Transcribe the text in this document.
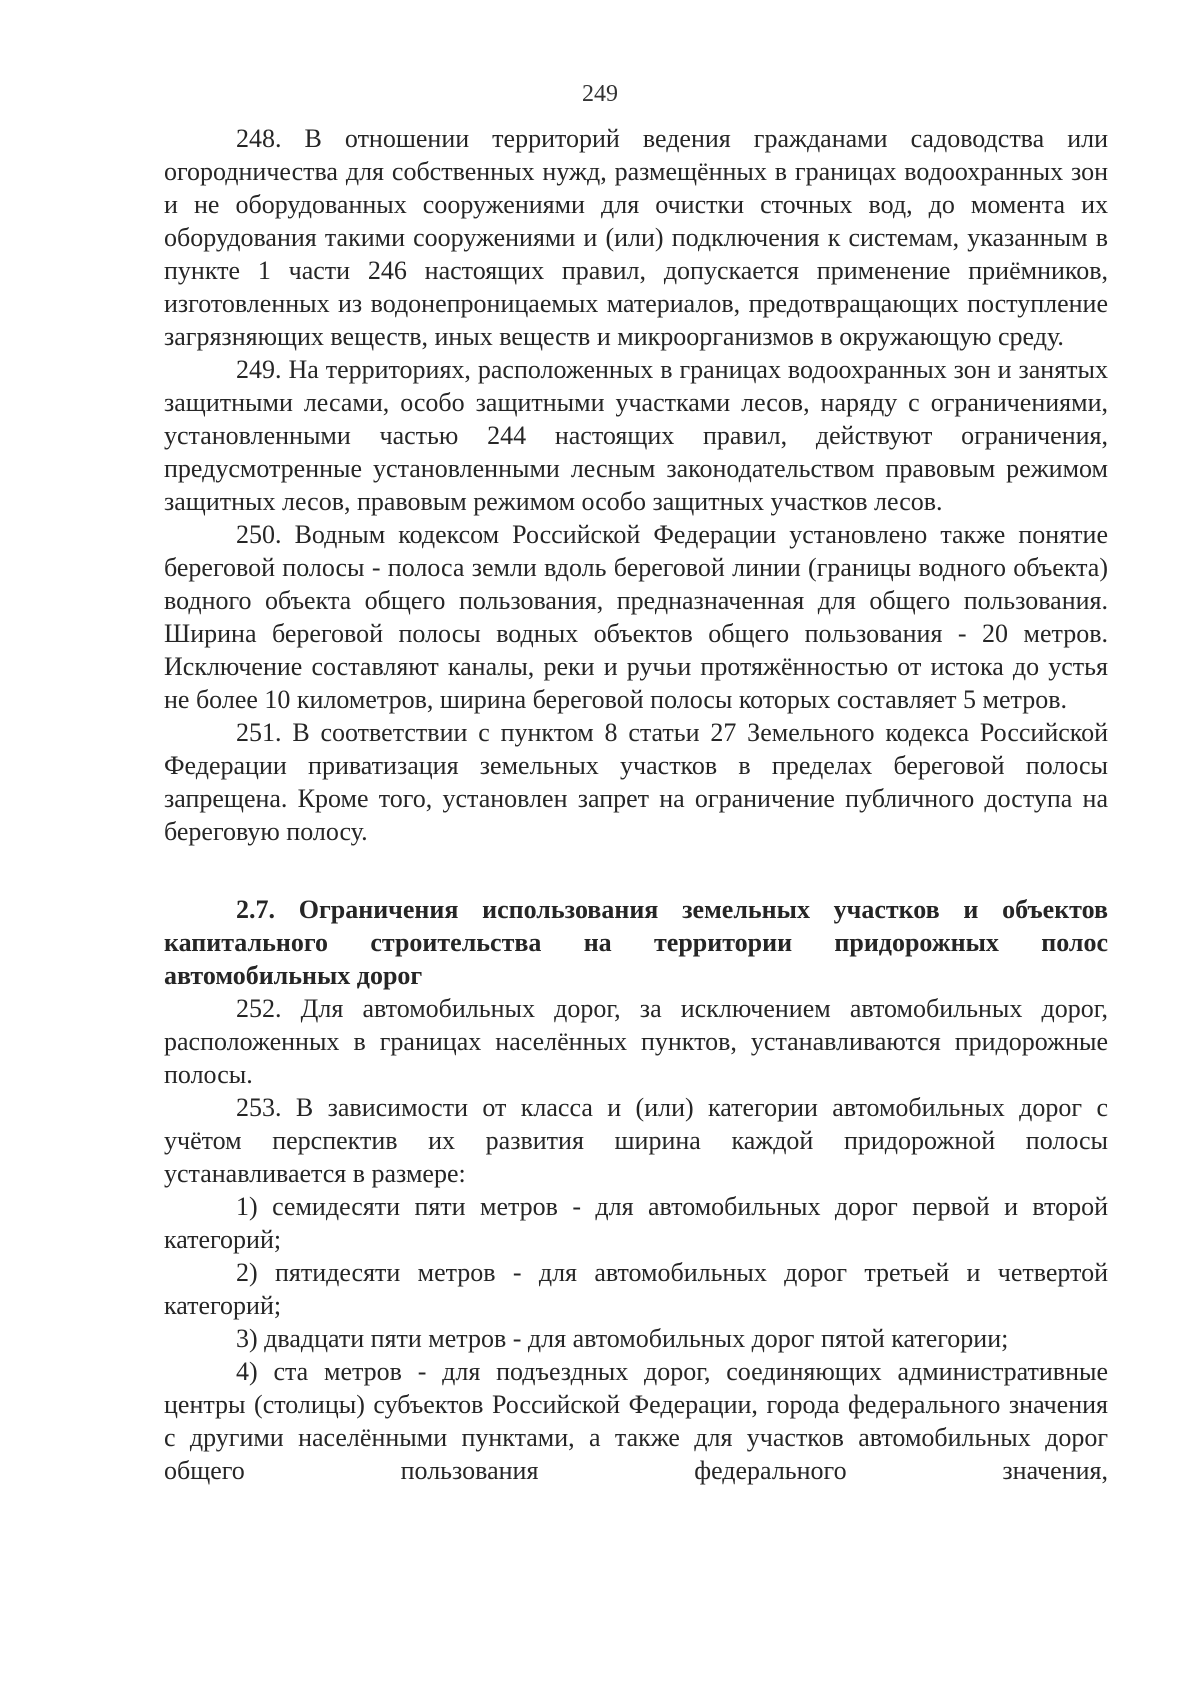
249

248. В отношении территорий ведения гражданами садоводства или огородничества для собственных нужд, размещённых в границах водоохранных зон и не оборудованных сооружениями для очистки сточных вод, до момента их оборудования такими сооружениями и (или) подключения к системам, указанным в пункте 1 части 246 настоящих правил, допускается применение приёмников, изготовленных из водонепроницаемых материалов, предотвращающих поступление загрязняющих веществ, иных веществ и микроорганизмов в окружающую среду.

249. На территориях, расположенных в границах водоохранных зон и занятых защитными лесами, особо защитными участками лесов, наряду с ограничениями, установленными частью 244 настоящих правил, действуют ограничения, предусмотренные установленными лесным законодательством правовым режимом защитных лесов, правовым режимом особо защитных участков лесов.

250. Водным кодексом Российской Федерации установлено также понятие береговой полосы - полоса земли вдоль береговой линии (границы водного объекта) водного объекта общего пользования, предназначенная для общего пользования. Ширина береговой полосы водных объектов общего пользования - 20 метров. Исключение составляют каналы, реки и ручьи протяжённостью от истока до устья не более 10 километров, ширина береговой полосы которых составляет 5 метров.

251. В соответствии с пунктом 8 статьи 27 Земельного кодекса Российской Федерации приватизация земельных участков в пределах береговой полосы запрещена. Кроме того, установлен запрет на ограничение публичного доступа на береговую полосу.

2.7. Ограничения использования земельных участков и объектов капитального строительства на территории придорожных полос автомобильных дорог

252. Для автомобильных дорог, за исключением автомобильных дорог, расположенных в границах населённых пунктов, устанавливаются придорожные полосы.

253. В зависимости от класса и (или) категории автомобильных дорог с учётом перспектив их развития ширина каждой придорожной полосы устанавливается в размере:

1) семидесяти пяти метров - для автомобильных дорог первой и второй категорий;

2) пятидесяти метров - для автомобильных дорог третьей и четвертой категорий;

3) двадцати пяти метров - для автомобильных дорог пятой категории;

4) ста метров - для подъездных дорог, соединяющих административные центры (столицы) субъектов Российской Федерации, города федерального значения с другими населёнными пунктами, а также для участков автомобильных дорог общего пользования федерального значения,
